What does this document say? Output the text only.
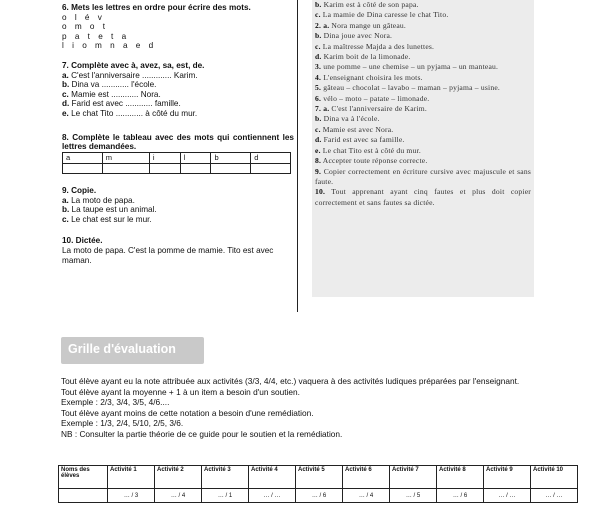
6. Mets les lettres en ordre pour écrire des mots.
o l é v
o m o t
p a t e t a
l i o m n a e d
7. Complète avec à, avez, sa, est, de.
a. C'est l'anniversaire ............. Karim.
b. Dina va ............ l'école.
c. Mamie est ............ Nora.
d. Farid est avec ............ famille.
e. Le chat Tito ............ à côté du mur.
8. Complète le tableau avec des mots qui contiennent les lettres demandées.
a	m	i	l	b	d

9. Copie.
a. La moto de papa.
b. La taupe est un animal.
c. Le chat est sur le mur.
10. Dictée.
La moto de papa. C'est la pomme de mamie. Tito est avec maman.
b. Karim est à côté de son papa.
c. La mamie de Dina caresse le chat Tito.
2. a. Nora mange un gâteau.
b. Dina joue avec Nora.
c. La maîtresse Majda a des lunettes.
d. Karim boit de la limonade.
3. une pomme – une chemise – un pyjama – un manteau.
4. L'enseignant choisira les mots.
5. gâteau – chocolat – lavabo – maman – pyjama – usine.
6. vélo – moto – patate – limonade.
7. a. C'est l'anniversaire de Karim.
b. Dina va à l'école.
c. Mamie est avec Nora.
d. Farid est avec sa famille.
e. Le chat Tito est à côté du mur.
8. Accepter toute réponse correcte.
9. Copier correctement en écriture cursive avec majuscule et sans faute.
10. Tout apprenant ayant cinq fautes et plus doit copier correctement et sans fautes sa dictée.
Grille d'évaluation
Tout élève ayant eu la note attribuée aux activités (3/3, 4/4, etc.) vaquera à des activités ludiques préparées par l'enseignant.
Tout élève ayant la moyenne + 1 à un item a besoin d'un soutien.
Exemple : 2/3, 3/4, 3/5, 4/6....
Tout élève ayant moins de cette notation a besoin d'une remédiation.
Exemple : 1/3, 2/4, 5/10, 2/5, 3/6.
NB : Consulter la partie théorie de ce guide pour le soutien et la remédiation.
Noms des élèves	Activité 1	Activité 2	Activité 3	Activité 4	Activité 5	Activité 6	Activité 7	Activité 8	Activité 9	Activité 10
	… / 3	… / 4	… / 1	… / …	… / 6	… / 4	… / 5	… / 6	… / …	… / …
